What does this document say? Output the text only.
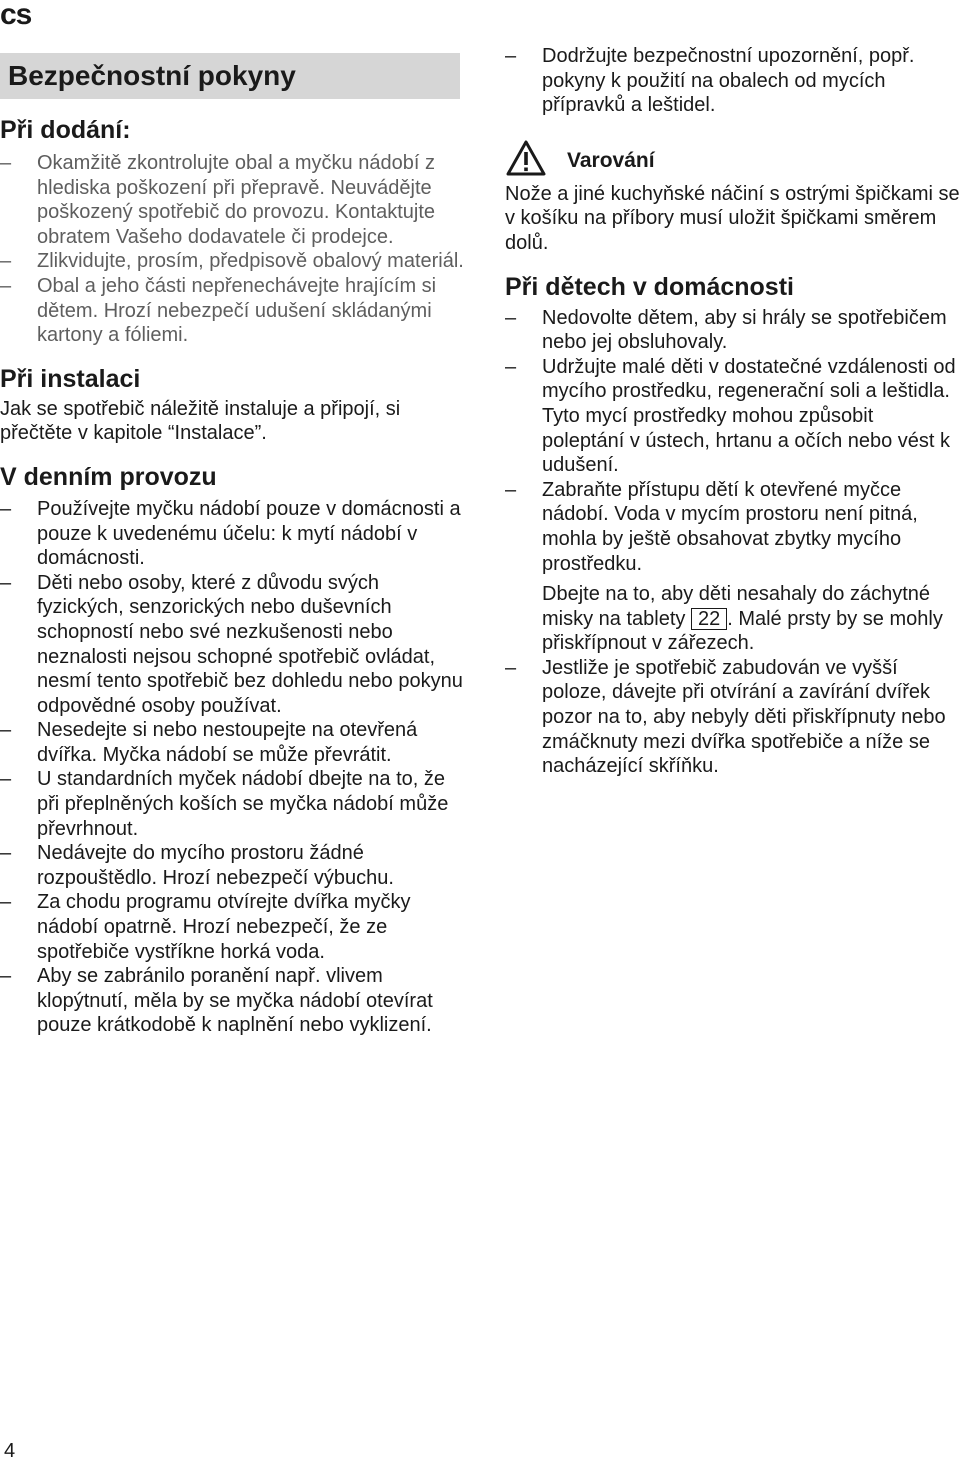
cs
Bezpečnostní pokyny
Při dodání:
– Okamžitě zkontrolujte obal a myčku nádobí z hlediska poškození při přepravě. Neuvádějte poškozený spotřebič do provozu. Kontaktujte obratem Vašeho dodavatele či prodejce.
– Zlikvidujte, prosím, předpisově obalový materiál.
– Obal a jeho části nepřenechávejte hrajícím si dětem. Hrozí nebezpečí udušení skládanými kartony a fóliemi.
Při instalaci

Jak se spotřebič náležitě instaluje a připojí, si přečtěte v kapitole “Instalace”.

V denním provozu
– Používejte myčku nádobí pouze v domácnosti a pouze k uvedenému účelu: k mytí nádobí v domácnosti.
– Děti nebo osoby, které z důvodu svých fyzických, senzorických nebo duševních schopností nebo své nezkušenosti nebo neznalosti nejsou schopné spotřebič ovládat, nesmí tento spotřebič bez dohledu nebo pokynu odpovědné osoby používat.
– Nesedejte si nebo nestoupejte na otevřená dvířka. Myčka nádobí se může převrátit.
– U standardních myček nádobí dbejte na to, že při přeplněných koších se myčka nádobí může převrhnout.
– Nedávejte do mycího prostoru žádné rozpouštědlo. Hrozí nebezpečí výbuchu.
– Za chodu programu otvírejte dvířka myčky nádobí opatrně. Hrozí nebezpečí, že ze spotřebiče vystříkne horká voda.
– Aby se zabránilo poranění např. vlivem klopýtnutí, měla by se myčka nádobí otevírat pouze krátkodobě k naplnění nebo vyklizení.
– Dodržujte bezpečnostní upozornění, popř. pokyny k použití na obalech od mycích přípravků a leštidel.
Varování

Nože a jiné kuchyňské náčiní s ostrými špičkami se v košíku na příbory musí uložit špičkami směrem dolů.

Při dětech v domácnosti
– Nedovolte dětem, aby si hrály se spotřebičem nebo jej obsluhovaly.
– Udržujte malé děti v dostatečné vzdálenosti od mycího prostředku, regenerační soli a leštidla. Tyto mycí prostředky mohou způsobit poleptání v ústech, hrtanu a očích nebo vést k udušení.
– Zabraňte přístupu dětí k otevřené myčce nádobí. Voda v mycím prostoru není pitná, mohla by ještě obsahovat zbytky mycího prostředku.

Dbejte na to, aby děti nesahaly do záchytné misky na tablety 22 . Malé prsty by se mohly přiskřípnout v zářezech.

– Jestliže je spotřebič zabudován ve vyšší poloze, dávejte při otvírání a zavírání dvířek pozor na to, aby nebyly děti přiskřípnuty nebo zmáčknuty mezi dvířka spotřebiče a níže se nacházející skříňku.
4
